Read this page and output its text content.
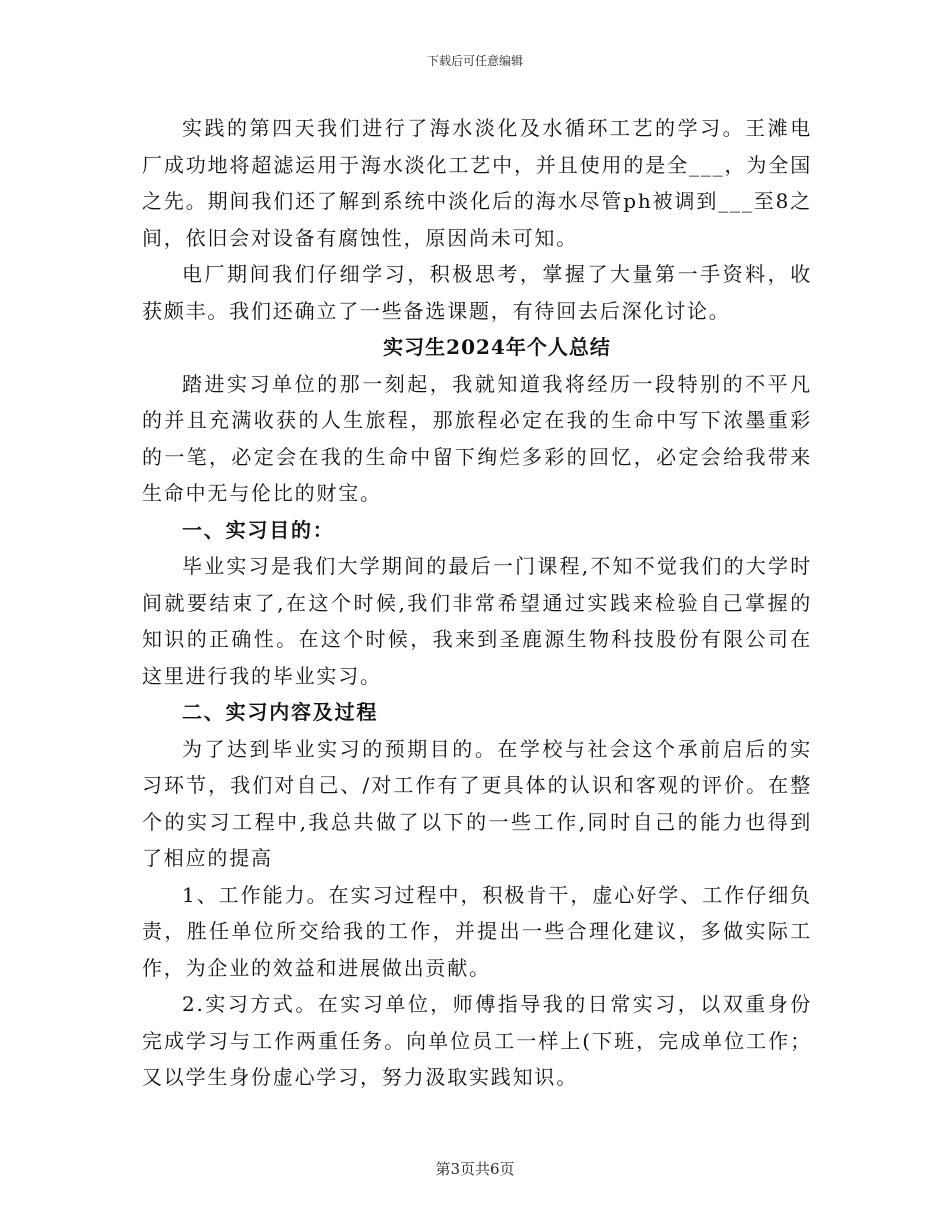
下载后可任意编辑

实践的第四天我们进行了海水淡化及水循环工艺的学习。王滩电厂成功地将超滤运用于海水淡化工艺中，并且使用的是全___，为全国之先。期间我们还了解到系统中淡化后的海水尽管ph被调到___至8之间，依旧会对设备有腐蚀性，原因尚未可知。

电厂期间我们仔细学习，积极思考，掌握了大量第一手资料，收获颇丰。我们还确立了一些备选课题，有待回去后深化讨论。

实习生2024年个人总结

踏进实习单位的那一刻起，我就知道我将经历一段特别的不平凡的并且充满收获的人生旅程，那旅程必定在我的生命中写下浓墨重彩的一笔，必定会在我的生命中留下绚烂多彩的回忆，必定会给我带来生命中无与伦比的财宝。

一、实习目的：

毕业实习是我们大学期间的最后一门课程,不知不觉我们的大学时间就要结束了,在这个时候,我们非常希望通过实践来检验自己掌握的知识的正确性。在这个时候，我来到圣鹿源生物科技股份有限公司在这里进行我的毕业实习。

二、实习内容及过程

为了达到毕业实习的预期目的。在学校与社会这个承前启后的实习环节，我们对自己、/对工作有了更具体的认识和客观的评价。在整个的实习工程中,我总共做了以下的一些工作,同时自己的能力也得到了相应的提高

1、工作能力。在实习过程中，积极肯干，虚心好学、工作仔细负责，胜任单位所交给我的工作，并提出一些合理化建议，多做实际工作，为企业的效益和进展做出贡献。

2.实习方式。在实习单位，师傅指导我的日常实习，以双重身份完成学习与工作两重任务。向单位员工一样上(下班，完成单位工作；又以学生身份虚心学习，努力汲取实践知识。

第3页共6页
